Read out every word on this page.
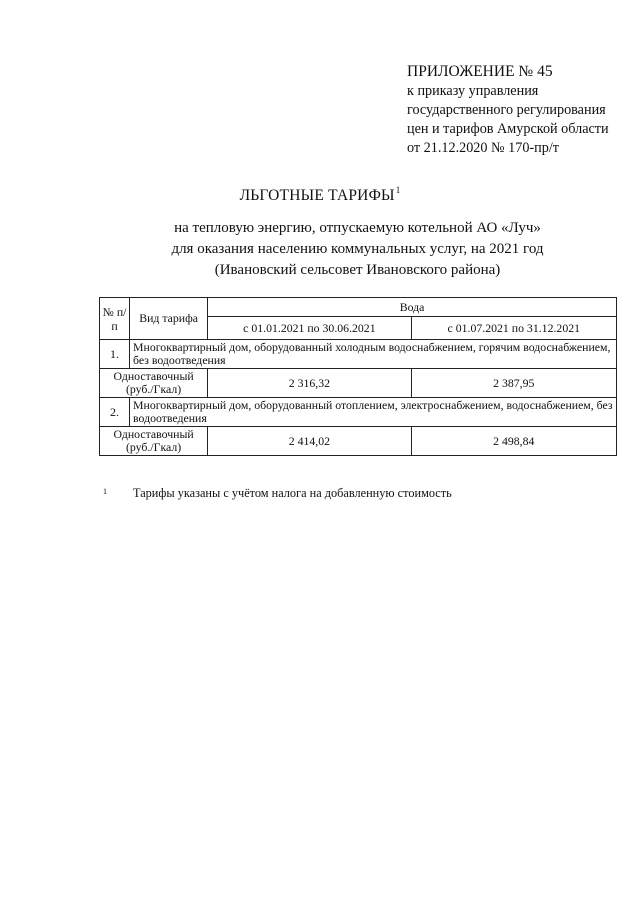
ПРИЛОЖЕНИЕ № 45
к приказу управления
государственного регулирования
цен и тарифов Амурской области
от 21.12.2020 № 170-пр/т
ЛЬГОТНЫЕ ТАРИФЫ$^1$
на тепловую энергию, отпускаемую котельной АО «Луч»
для оказания населению коммунальных услуг, на 2021 год
(Ивановский сельсовет Ивановского района)
№ п/п	Вид тарифа	Вода	
		с 01.01.2021 по 30.06.2021	с 01.07.2021 по 31.12.2021
1.	Многоквартирный дом, оборудованный холодным водоснабжением, горячим водоснабжением, без водоотведения		
Одноставочный (руб./Гкал)		2 316,32	2 387,95
2.	Многоквартирный дом, оборудованный отоплением, электроснабжением, водоснабжением, без водоотведения		
Одноставочный (руб./Гкал)		2 414,02	2 498,84
1 Тарифы указаны с учётом налога на добавленную стоимость
